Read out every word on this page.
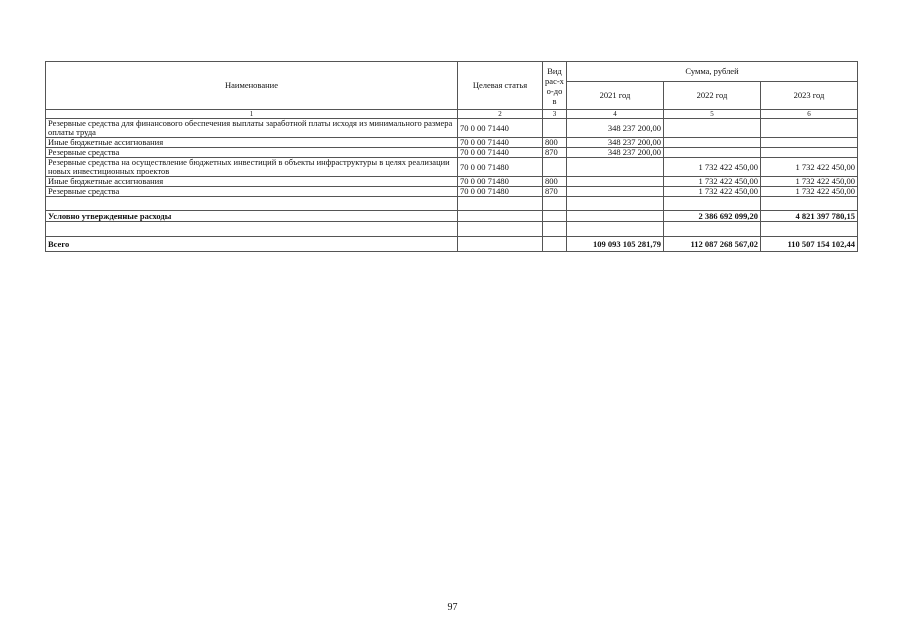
Наименование	Целевая статья	Вид рас-хо-дов	Сумма, рублей		
			2021 год	2022 год	2023 год
1	2	3	4	5	6
Резервные средства для финансового обеспечения выплаты заработной платы исходя из минимального размера оплаты труда	70 0 00 71440		348 237 200,00		
Иные бюджетные ассигнования	70 0 00 71440	800	348 237 200,00		
Резервные средства	70 0 00 71440	870	348 237 200,00		
Резервные средства на осуществление бюджетных инвестиций в объекты инфраструктуры в целях реализации новых инвестиционных проектов	70 0 00 71480			1 732 422 450,00	1 732 422 450,00
Иные бюджетные ассигнования	70 0 00 71480	800		1 732 422 450,00	1 732 422 450,00
Резервные средства	70 0 00 71480	870		1 732 422 450,00	1 732 422 450,00

Условно утвержденные расходы				2 386 692 099,20	4 821 397 780,15

Всего			109 093 105 281,79	112 087 268 567,02	110 507 154 102,44
97
